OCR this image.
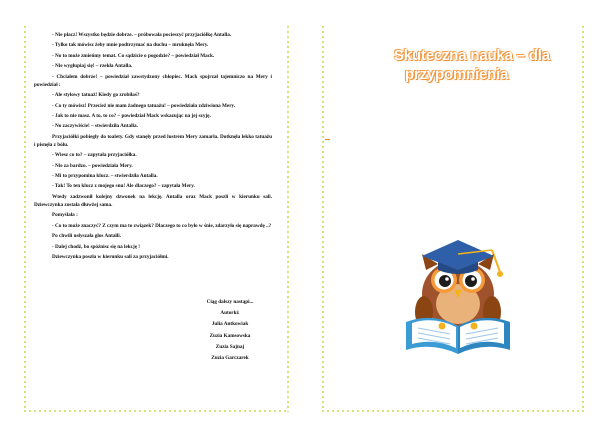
- Nie płacz! Wszystko będzie dobrze. – próbowała pocieszyć przyjaciółkę Antalla.

- Tylko tak mówisz żeby mnie podtrzymać na duchu – mruknęła Mery.

- No to może zmieńmy temat. Co sądzicie o pogodzie? – powiedział Mack.

- Nie wygłupiaj się! – rzekła Antalla.

- Chciałem dobrze! – powiedział zawstydzony chłopiec. Mack spojrzał tajemniczo na Mery i powiedział :

- Ale stylowy tatuaż! Kiedy go zrobiłaś?

- Co ty mówisz! Przecież nie mam żadnego tatuażu! – powiedziała zdziwiona Mery.

- Jak to nie masz. A to, to co? – powiedział Mack wskazując na jej szyję.

- No zaczywiście! – stwierdziła Antalla.

Przyjaciółki pobiegły do toalety. Gdy stanęły przed lustrem Mery zamarła. Dotknęła lekko tatuażu i pisnęła z bólu.

- Wiesz co to? – zapytała przyjaciółka.

- Nie za bardzo. – powiedziała Mery.

- Mi to przypomina klucz. – stwierdziła Antalla.

- Tak! To ten klucz z mojego snu! Ale dlaczego? – zapytała Mery.

Wtedy zadzwonił kolejny dzwonek na lekcję. Antalla oraz Mack poszli w kierunku sali. Dziewczynka została dłuwżej sama.

Pomyślała :

- Co to może znaczyć? Z czym ma to związek? Dlaczego to co było w śnie, zdarzyło się naprawdę ..?

Po chwili usłyszała głos Antalli.

- Dalej chodź, bo spóźnisz się na lekcję !

Dziewczynka poszła w kierunku sali za przyjaciółmi.

Ciąg dalszy nastąpi...
Autorki:
Julia Antkowiak
Zuzia Kamsowska
Zuzia Sajnaj
Zuzia Garczarek
Skuteczna nauka – dla
przypomnienia
